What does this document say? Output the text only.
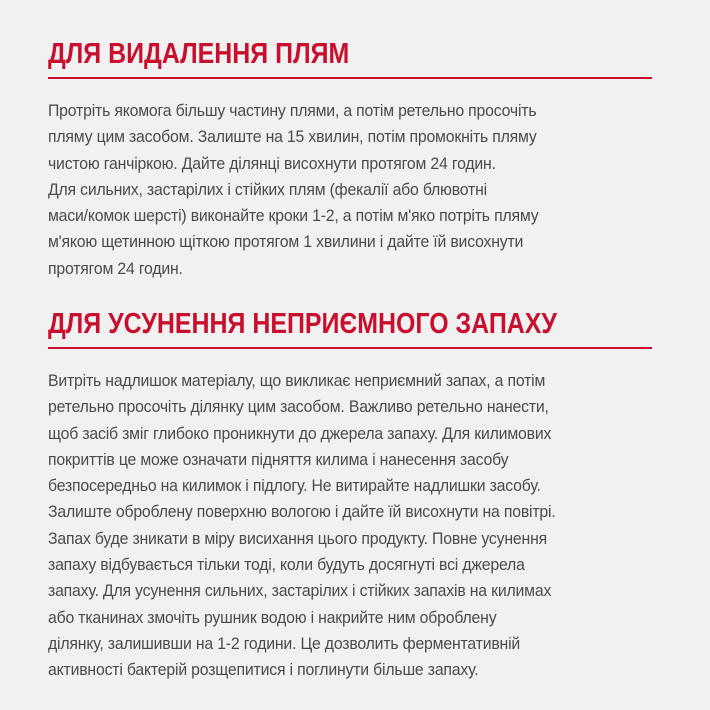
ДЛЯ ВИДАЛЕННЯ ПЛЯМ

Протріть якомога більшу частину плями, а потім ретельно просочіть
пляму цим засобом. Залиште на 15 хвилин, потім промокніть пляму
чистою ганчіркою. Дайте ділянці висохнути протягом 24 годин.
Для сильних, застарілих і стійких плям (фекалії або блювотні
маси/комок шерсті) виконайте кроки 1-2, а потім м'яко потріть пляму
м'якою щетинною щіткою протягом 1 хвилини і дайте їй висохнути
протягом 24 годин.

ДЛЯ УСУНЕННЯ НЕПРИЄМНОГО ЗАПАХУ

Витріть надлишок матеріалу, що викликає неприємний запах, а потім
ретельно просочіть ділянку цим засобом. Важливо ретельно нанести,
щоб засіб зміг глибоко проникнути до джерела запаху. Для килимових
покриттів це може означати підняття килима і нанесення засобу
безпосередньо на килимок і підлогу. Не витирайте надлишки засобу.
Залиште оброблену поверхню вологою і дайте їй висохнути на повітрі.
Запах буде зникати в міру висихання цього продукту. Повне усунення
запаху відбувається тільки тоді, коли будуть досягнуті всі джерела
запаху. Для усунення сильних, застарілих і стійких запахів на килимах
або тканинах змочіть рушник водою і накрийте ним оброблену
ділянку, залишивши на 1-2 години. Це дозволить ферментативній
активності бактерій розщепитися і поглинути більше запаху.
